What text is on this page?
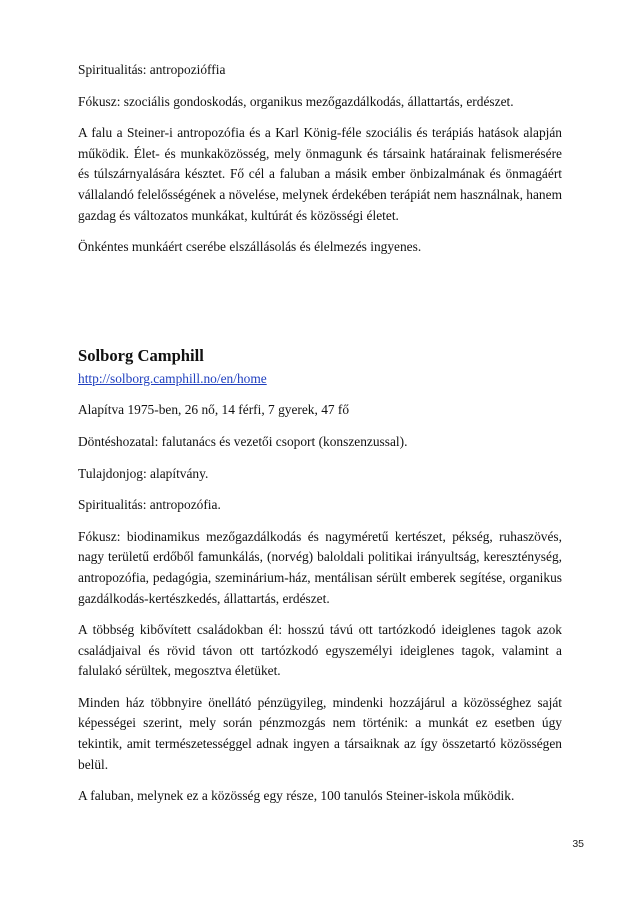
Spiritualitás: antropozióffia

Fókusz: szociális gondoskodás, organikus mezőgazdálkodás, állattartás, erdészet.

A falu a Steiner-i antropozófia és a Karl König-féle szociális és terápiás hatások alapján működik. Élet- és munkaközösség, mely önmagunk és társaink határainak felismerésére és túlszárnyalására késztet. Fő cél a faluban a másik ember önbizalmának és önmagáért vállalandó felelősségének a növelése, melynek érdekében terápiát nem használnak, hanem gazdag és változatos munkákat, kultúrát és közösségi életet.

Önkéntes munkáért cserébe elszállásolás és élelmezés ingyenes.

Solborg Camphill
http://solborg.camphill.no/en/home

Alapítva 1975-ben, 26 nő, 14 férfi, 7 gyerek, 47 fő

Döntéshozatal: falutanács és vezetői csoport (konszenzussal).

Tulajdonjog: alapítvány.

Spiritualitás: antropozófia.

Fókusz: biodinamikus mezőgazdálkodás és nagyméretű kertészet, pékség, ruhaszövés, nagy területű erdőből famunkálás, (norvég) baloldali politikai irányultság, kereszténység, antropozófia, pedagógia, szeminárium-ház, mentálisan sérült emberek segítése, organikus gazdálkodás-kertészkedés, állattartás, erdészet.

A többség kibővített családokban él: hosszú távú ott tartózkodó ideiglenes tagok azok családjaival és rövid távon ott tartózkodó egyszemélyi ideiglenes tagok, valamint a falulakó sérültek, megosztva életüket.

Minden ház többnyire önellátó pénzügyileg, mindenki hozzájárul a közösséghez saját képességei szerint, mely során pénzmozgás nem történik: a munkát ez esetben úgy tekintik, amit természetességgel adnak ingyen a társaiknak az így összetartó közösségen belül.

A faluban, melynek ez a közösség egy része, 100 tanulós Steiner-iskola működik.

35
